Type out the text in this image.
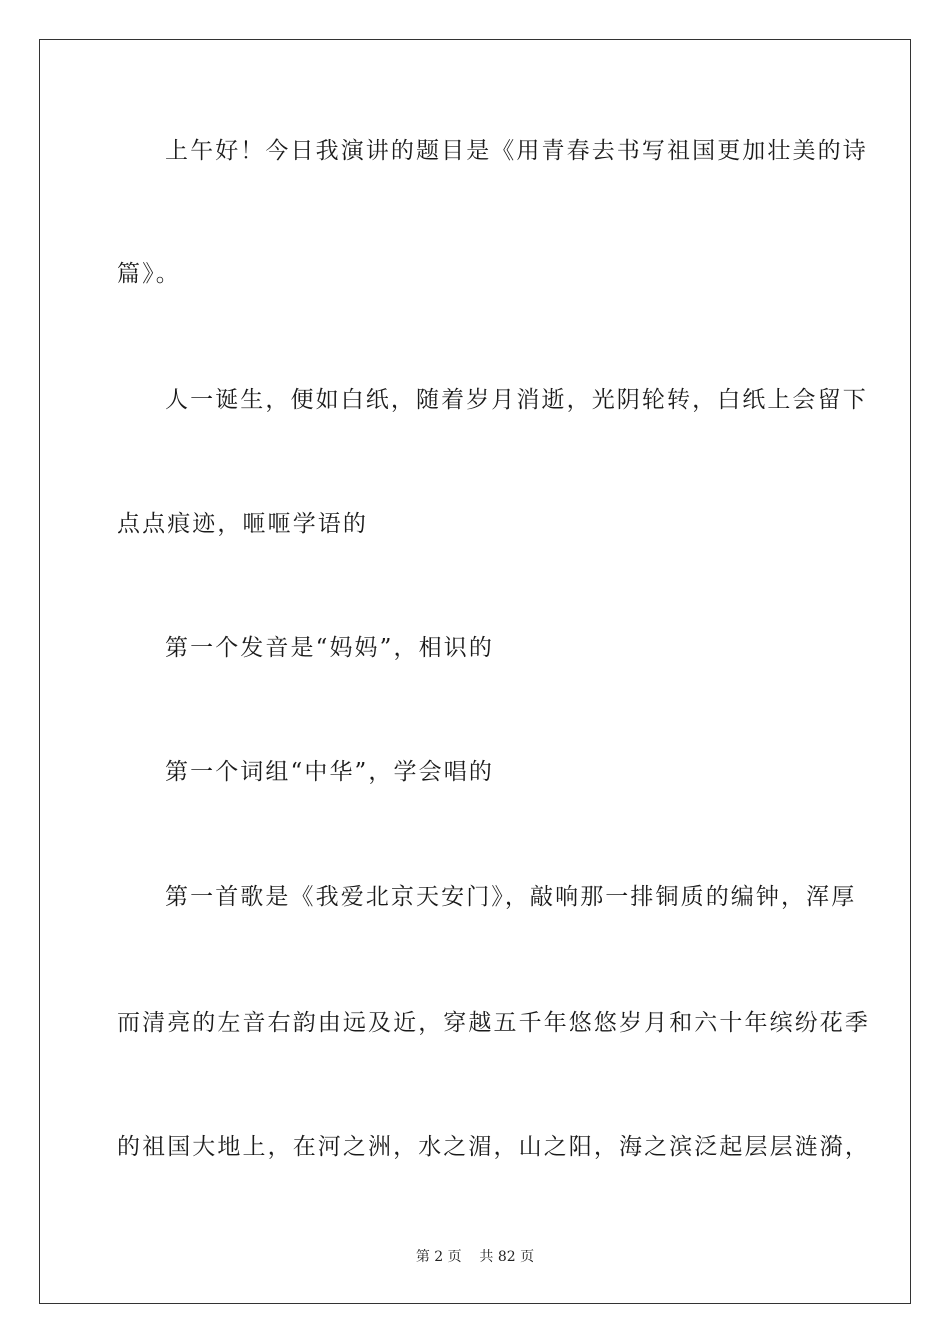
上午好！今日我演讲的题目是《用青春去书写祖国更加壮美的诗
篇》。
人一诞生，便如白纸，随着岁月消逝，光阴轮转，白纸上会留下
点点痕迹，咂咂学语的
第一个发音是“妈妈”，相识的
第一个词组“中华”，学会唱的
第一首歌是《我爱北京天安门》，敲响那一排铜质的编钟，浑厚
而清亮的左音右韵由远及近，穿越五千年悠悠岁月和六十年缤纷花季
的祖国大地上，在河之洲，水之湄，山之阳，海之滨泛起层层涟漪，
第 2 页    共 82 页
